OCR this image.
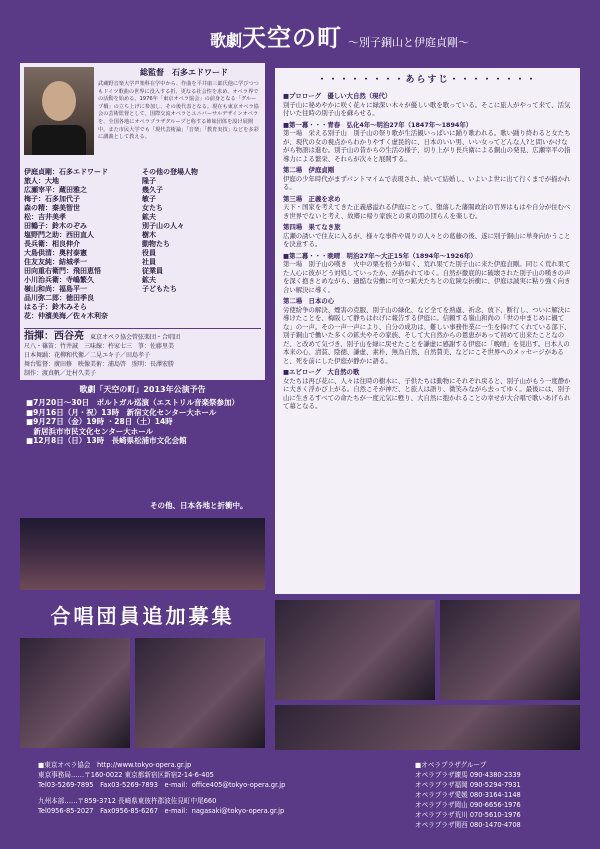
歌劇天空の町 〜別子銅山と伊庭貞剛〜
総監督　石多エドワード
武蔵野音楽大学声楽科在学中から、作曲を平井康三郎氏他に学びつつもドイツ歌曲の世界に没入する折、更なる社会性を求め、オペラ界での活動を始める。1976年「東京オペラ協会」の前身となる「グループ橋」の立ち上げに参加し、その後代表となる。現在も東京オペラ協会の芸術監督として、国際交流オペラとユニバーサルデザインオペラを、全国各地にオペラプラザグループと称する姉妹団体を設け展開中。また市民大学でも「現代芸術論」「音楽」「教育実技」などを多彩に講義として教える。
伊庭貞剛：石多エドワード	その他の登場人物
旅人：大地	隆子
広瀬宰平：蔵田雅之	幾久子
梅子：石多加代子	敏子
森の精：秦美智世	女たち
松：吉井美孝	鉱夫
田鶴子：鈴木のぞみ	別子山の人々
塩野門之助：西田直人	樹木
長兵衛：相良伸介	動物たち
大島供清：奥村泰憲	役員
住友友純：結城孝一	社員
田向重右衛門：飛田恵悟	従業員
小川治兵衛：寺嶋繁久	鉱夫
嶺山和尚：福島平一	子どもたち
品川弥二郎：徳田季良
はる子：鈴木みそら
花：仲濱美海／佐々木利奈
指揮：西谷亮　 東京オペラ協会管弦楽団・合唱団
尺八・篠笛：竹井誠　三味線：杵家七三　箏：佐藤里美
日本舞踊：花柳和代衛／二見ユキ子／田島孝子
舞台監督：廣田修　映像美術：浦島啓　照明：長澤宏勝
制作：渡真帆／辻村久美子
歌劇「天空の町」2013年公演予告
■7月20日〜30日　ポルトガル巡演（エストリル音楽祭参加）
■9月16日（月・祝）13時　新宿文化センター大ホール
■9月27日（金）19時 ・28日（土）14時
　新居浜市市民文化センター大ホール
■12月8日（日）13時　長崎県松浦市文化会館
その他、日本各地と折衝中。
・・・・・・・・あらすじ・・・・・・・・
■プロローグ　優しい大自然（現代）
別子山に秘めやかに咲く花々に緑深い木々が優しい歌を歌っている。そこに旅人がやって来て、活気付いた往時の別子山を蘇らせる。
■第一幕・・・青春　弘化4年〜明治27年（1847年〜1894年）
第一場　栄える別子山　別子山の祭り歌が生活観いっぱいに踊り歌われる。歌い踊り終わると女たちが、現代の女の視点からわかりやすく虚民的に、日本のいい男、いい女ってどんな人?と問いかけながら物語は進む。別子山の昔からの生活の様子、切り上がり長兵衛による銅山の発見、広瀬宰平の指導力による繁栄、それらが次々と展開する。
第二場　伊庭貞剛
伊庭の少年時代がまずパントマイムで表現され、続いて結婚し、いよいよ世に出て行くまでが描かれる。
第三場　正義を求め
天下・国家を考えてきた正義感溢れる伊庭にとって、堕落した藩閥政治の官界はもはや自分が住むべき世界でないと考え、故郷に帰り家族との束の間の団らんを楽しむ。
第四場　果てなき旅
広瀬の誘いで住友に入るが、様々な事件や周りの人々との葛藤の後、遂に別子銅山に単身向かうことを決意する。
■第二幕・・・晩晴　明治27年〜大正15年（1894年〜1926年）
第一場　別子山の嘆き　火中の栗を拾うが如く、荒れ果てた別子山に来た伊庭貞剛。同じく荒れ果てた人心に彼がどう対処していったか、が描かれてゆく。自然が徹底的に破壊された別子山の嘆きの声を深く抱きとめながら、過酷な労働に可立つ鉱夫たちとの危険な折衝に、伊庭は誠実に粘り強く向き合い解決に導く。
第二場　日本の心
労使紛争の解決、煙害の克服、別子山の緑化、など全てを熟慮、祈念、放下、断行し、ついに解決に導けたことを、梅阪して静ちはれげに報告する伊庭に。信頼する嶺山和尚の「世の中まじめに観てな」の一声。その一声一声により、自分の成功は、難しい事務作業に一生を捧げてくれている部下、別子銅山で働いた多くの鉱夫やその家族、そして大自然からの恩恵があって初めて出来たことなのだ、と改めて気づき、別子山を緑に戻せたことを謙虚に感謝する伊庭に「晩晴」を見出す。日本人の本来の心、清貧、陰徳、謙虚、素朴、無為自然、自然賛美、などにこそ世界へのメッセージがあると、死を前にした伊庭が静かに語る。
■エピローグ　大自然の歌
女たちは再び花に、人々は往時の樹木に、子供たちは動物にそれぞれ戻ると、別子山がもう一度静かに大きく浮かび上がる。自然こそが神だ、と旅人は語り、微笑みながら去ってゆく。最後には、別子山に生きるすべての命たちが一度元気に甦り、大自然に抱かれることの幸せが大合唱で歌いあげられて幕となる。
合唱団員追加募集
■東京オペラ協会　http://www.tokyo-opera.gr.jp
東京事務局……〒160-0022 東京都新宿区新宿2-14-6-405
Tel03-5269-7895　Fax03-5269-7893　e-mail：office405@tokyo-opera.gr.jp
九州本部……〒859-3712 長崎県東彼杵郡波佐見町中尾660
Tel0956-85-2027　Fax0956-85-6267　e-mail：nagasaki@tokyo-opera.gr.jp
■オペラプラザグループ
オペラプラザ練馬 090-4380-2339
オペラプラザ福岡 090-5294-7931
オペラプラザ愛媛 080-3164-1148
オペラプラザ岡山 090-6656-1976
オペラプラザ荒川 070-5610-1976
オペラプラザ関西 080-1470-4708
